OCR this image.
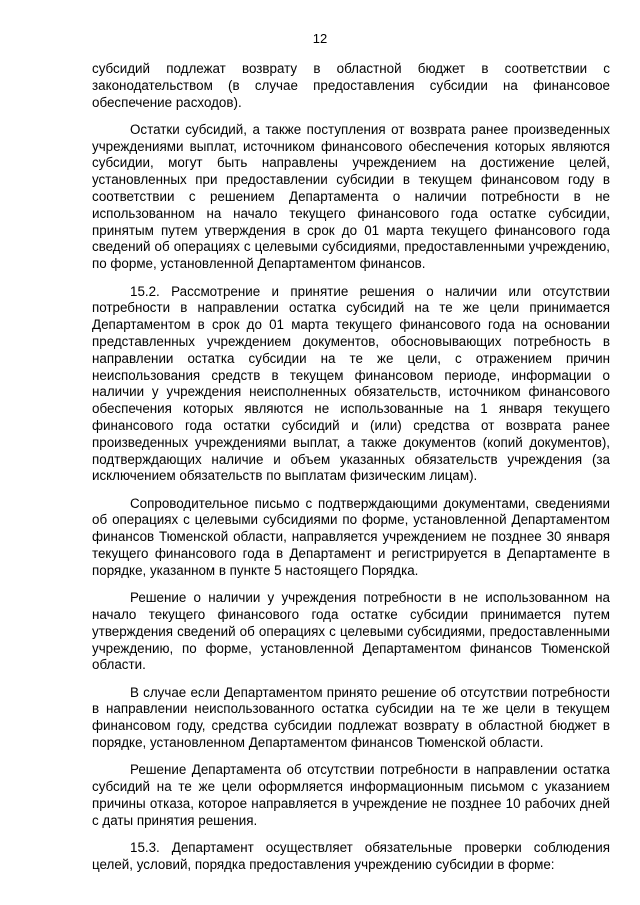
12

субсидий подлежат возврату в областной бюджет в соответствии с законодательством (в случае предоставления субсидии на финансовое обеспечение расходов).

Остатки субсидий, а также поступления от возврата ранее произведенных учреждениями выплат, источником финансового обеспечения которых являются субсидии, могут быть направлены учреждением на достижение целей, установленных при предоставлении субсидии в текущем финансовом году в соответствии с решением Департамента о наличии потребности в не использованном на начало текущего финансового года остатке субсидии, принятым путем утверждения в срок до 01 марта текущего финансового года сведений об операциях с целевыми субсидиями, предоставленными учреждению, по форме, установленной Департаментом финансов.

15.2. Рассмотрение и принятие решения о наличии или отсутствии потребности в направлении остатка субсидий на те же цели принимается Департаментом в срок до 01 марта текущего финансового года на основании представленных учреждением документов, обосновывающих потребность в направлении остатка субсидии на те же цели, с отражением причин неиспользования средств в текущем финансовом периоде, информации о наличии у учреждения неисполненных обязательств, источником финансового обеспечения которых являются не использованные на 1 января текущего финансового года остатки субсидий и (или) средства от возврата ранее произведенных учреждениями выплат, а также документов (копий документов), подтверждающих наличие и объем указанных обязательств учреждения (за исключением обязательств по выплатам физическим лицам).

Сопроводительное письмо с подтверждающими документами, сведениями об операциях с целевыми субсидиями по форме, установленной Департаментом финансов Тюменской области, направляется учреждением не позднее 30 января текущего финансового года в Департамент и регистрируется в Департаменте в порядке, указанном в пункте 5 настоящего Порядка.

Решение о наличии у учреждения потребности в не использованном на начало текущего финансового года остатке субсидии принимается путем утверждения сведений об операциях с целевыми субсидиями, предоставленными учреждению, по форме, установленной Департаментом финансов Тюменской области.

В случае если Департаментом принято решение об отсутствии потребности в направлении неиспользованного остатка субсидии на те же цели в текущем финансовом году, средства субсидии подлежат возврату в областной бюджет в порядке, установленном Департаментом финансов Тюменской области.

Решение Департамента об отсутствии потребности в направлении остатка субсидий на те же цели оформляется информационным письмом с указанием причины отказа, которое направляется в учреждение не позднее 10 рабочих дней с даты принятия решения.

15.3. Департамент осуществляет обязательные проверки соблюдения целей, условий, порядка предоставления учреждению субсидии в форме:
